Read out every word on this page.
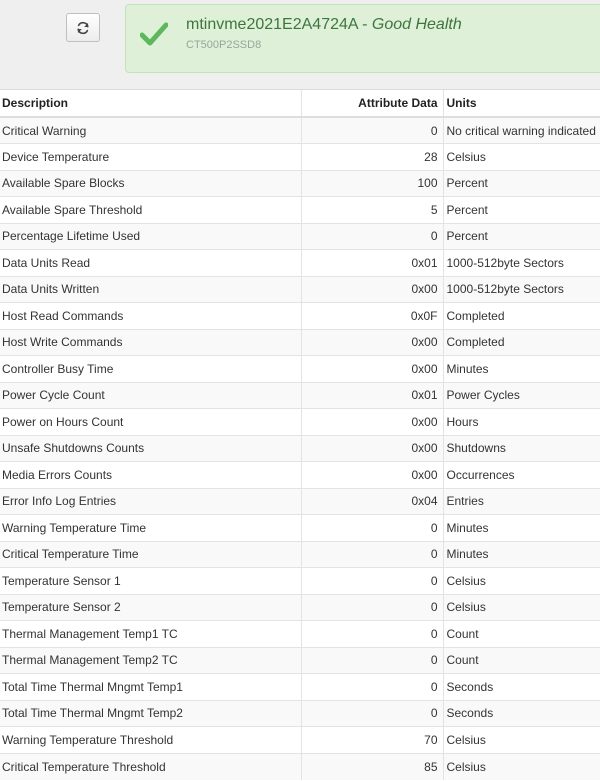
mtinvme2021E2A4724A - Good Health
CT500P2SSD8
Description	Attribute Data	Units
Critical Warning	0	No critical warning indicated
Device Temperature	28	Celsius
Available Spare Blocks	100	Percent
Available Spare Threshold	5	Percent
Percentage Lifetime Used	0	Percent
Data Units Read	0x01	1000-512byte Sectors
Data Units Written	0x00	1000-512byte Sectors
Host Read Commands	0x0F	Completed
Host Write Commands	0x00	Completed
Controller Busy Time	0x00	Minutes
Power Cycle Count	0x01	Power Cycles
Power on Hours Count	0x00	Hours
Unsafe Shutdowns Counts	0x00	Shutdowns
Media Errors Counts	0x00	Occurrences
Error Info Log Entries	0x04	Entries
Warning Temperature Time	0	Minutes
Critical Temperature Time	0	Minutes
Temperature Sensor 1	0	Celsius
Temperature Sensor 2	0	Celsius
Thermal Management Temp1 TC	0	Count
Thermal Management Temp2 TC	0	Count
Total Time Thermal Mngmt Temp1	0	Seconds
Total Time Thermal Mngmt Temp2	0	Seconds
Warning Temperature Threshold	70	Celsius
Critical Temperature Threshold	85	Celsius
